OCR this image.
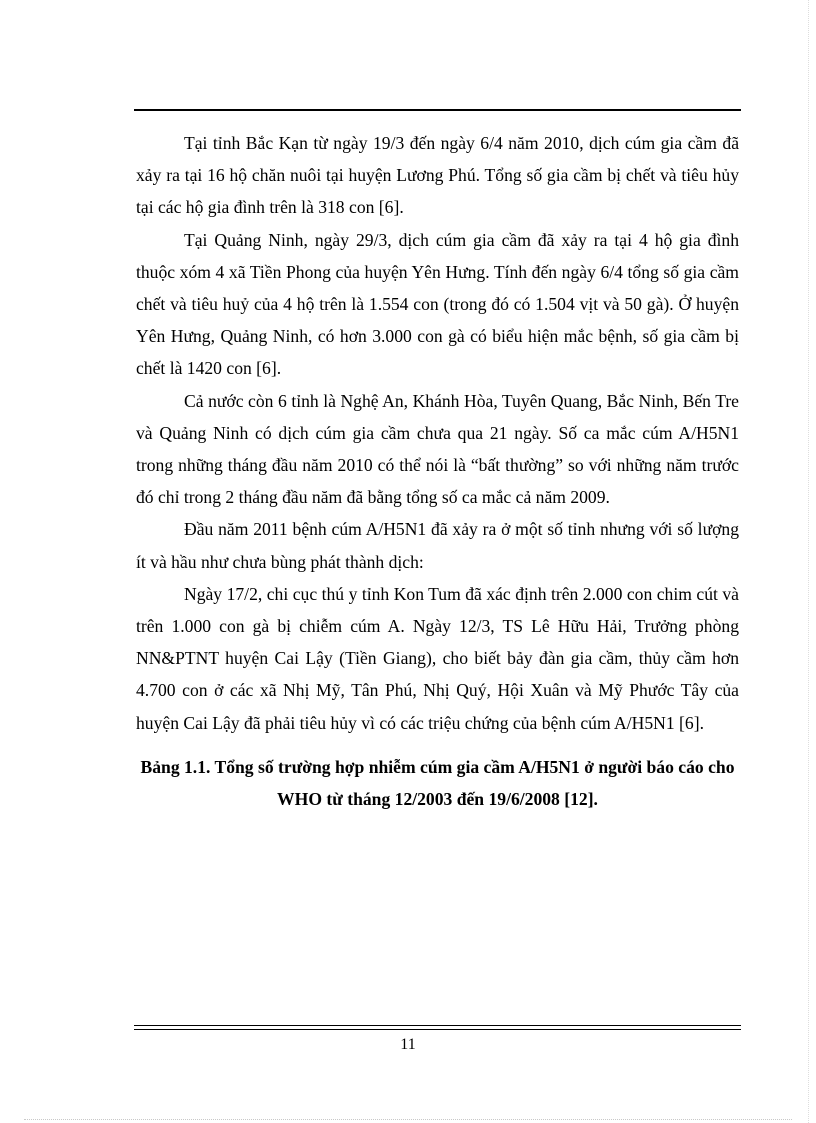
Tại tỉnh Bắc Kạn từ ngày 19/3 đến ngày 6/4 năm 2010, dịch cúm gia cầm đã xảy ra tại 16 hộ chăn nuôi tại huyện Lương Phú. Tổng số gia cầm bị chết và tiêu hủy tại các hộ gia đình trên là 318 con [6].

Tại Quảng Ninh, ngày 29/3, dịch cúm gia cầm đã xảy ra tại 4 hộ gia đình thuộc xóm 4 xã Tiền Phong của huyện Yên Hưng. Tính đến ngày 6/4 tổng số gia cầm chết và tiêu huỷ của 4 hộ trên là 1.554 con (trong đó có 1.504 vịt và 50 gà). Ở huyện Yên Hưng, Quảng Ninh, có hơn 3.000 con gà có biểu hiện mắc bệnh, số gia cầm bị chết là 1420 con [6].

Cả nước còn 6 tỉnh là Nghệ An, Khánh Hòa, Tuyên Quang, Bắc Ninh, Bến Tre và Quảng Ninh có dịch cúm gia cầm chưa qua 21 ngày. Số ca mắc cúm A/H5N1 trong những tháng đầu năm 2010 có thể nói là “bất thường” so với những năm trước đó chỉ trong 2 tháng đầu năm đã bằng tổng số ca mắc cả năm 2009.

Đầu năm 2011 bệnh cúm A/H5N1 đã xảy ra ở một số tỉnh nhưng với số lượng ít và hầu như chưa bùng phát thành dịch:

Ngày 17/2, chi cục thú y tỉnh Kon Tum đã xác định trên 2.000 con chim cút và trên 1.000 con gà bị chiễm cúm A. Ngày 12/3, TS Lê Hữu Hải, Trưởng phòng NN&PTNT huyện Cai Lậy (Tiền Giang), cho biết bảy đàn gia cầm, thủy cầm hơn 4.700 con ở các xã Nhị Mỹ, Tân Phú, Nhị Quý, Hội Xuân và Mỹ Phước Tây của huyện Cai Lậy đã phải tiêu hủy vì có các triệu chứng của bệnh cúm A/H5N1 [6].

Bảng 1.1. Tổng số trường hợp nhiễm cúm gia cầm A/H5N1 ở người báo cáo cho WHO từ tháng 12/2003 đến 19/6/2008 [12].

11
